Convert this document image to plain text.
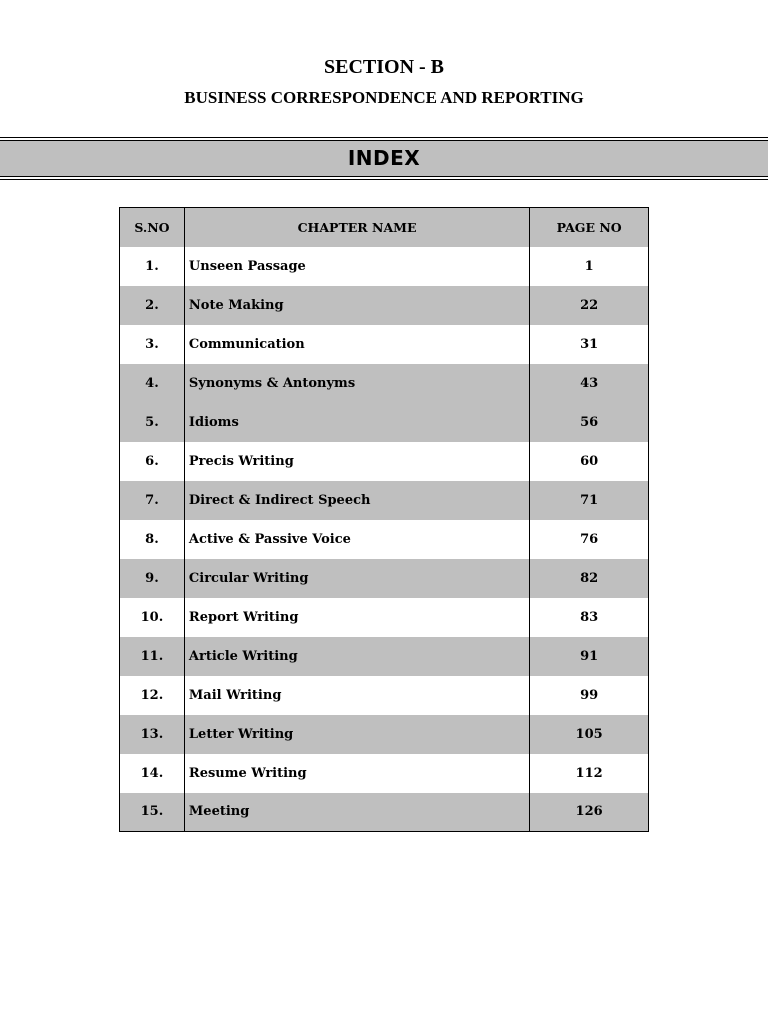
SECTION - B
BUSINESS CORRESPONDENCE AND REPORTING
INDEX
S.NO	CHAPTER NAME	PAGE NO
1.	Unseen Passage	1
2.	Note Making	22
3.	Communication	31
4.	Synonyms & Antonyms	43
5.	Idioms	56
6.	Precis Writing	60
7.	Direct & Indirect Speech	71
8.	Active & Passive Voice	76
9.	Circular Writing	82
10.	Report Writing	83
11.	Article Writing	91
12.	Mail Writing	99
13.	Letter Writing	105
14.	Resume Writing	112
15.	Meeting	126
